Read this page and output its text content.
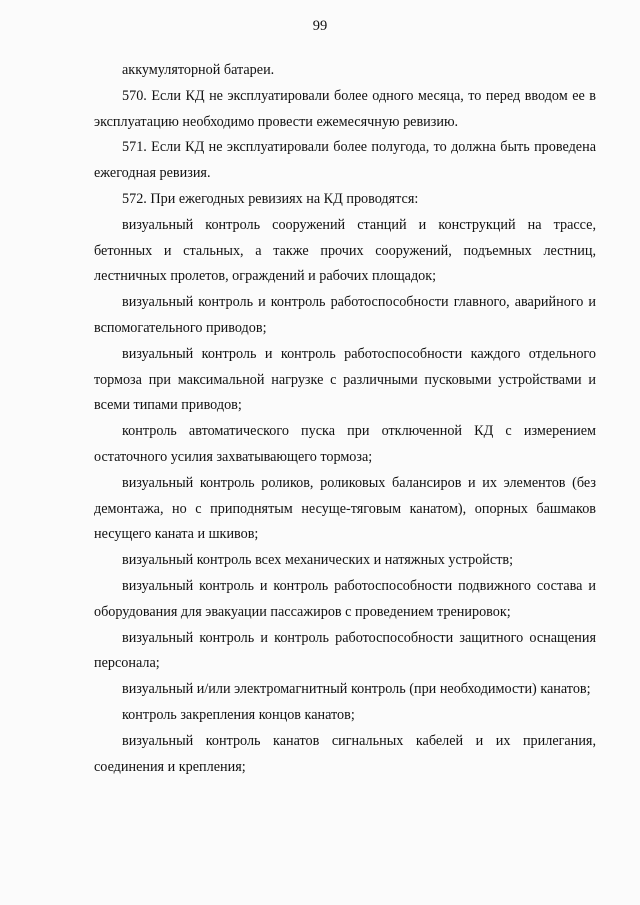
99

аккумуляторной батареи.

570. Если КД не эксплуатировали более одного месяца, то перед вводом ее в эксплуатацию необходимо провести ежемесячную ревизию.

571. Если КД не эксплуатировали более полугода, то должна быть проведена ежегодная ревизия.

572. При ежегодных ревизиях на КД проводятся:

визуальный контроль сооружений станций и конструкций на трассе, бетонных и стальных, а также прочих сооружений, подъемных лестниц, лестничных пролетов, ограждений и рабочих площадок;

визуальный контроль и контроль работоспособности главного, аварийного и вспомогательного приводов;

визуальный контроль и контроль работоспособности каждого отдельного тормоза при максимальной нагрузке с различными пусковыми устройствами и всеми типами приводов;

контроль автоматического пуска при отключенной КД с измерением остаточного усилия захватывающего тормоза;

визуальный контроль роликов, роликовых балансиров и их элементов (без демонтажа, но с приподнятым несуще-тяговым канатом), опорных башмаков несущего каната и шкивов;

визуальный контроль всех механических и натяжных устройств;

визуальный контроль и контроль работоспособности подвижного состава и оборудования для эвакуации пассажиров с проведением тренировок;

визуальный контроль и контроль работоспособности защитного оснащения персонала;

визуальный и/или электромагнитный контроль (при необходимости) канатов;

контроль закрепления концов канатов;

визуальный контроль канатов сигнальных кабелей и их прилегания, соединения и крепления;
